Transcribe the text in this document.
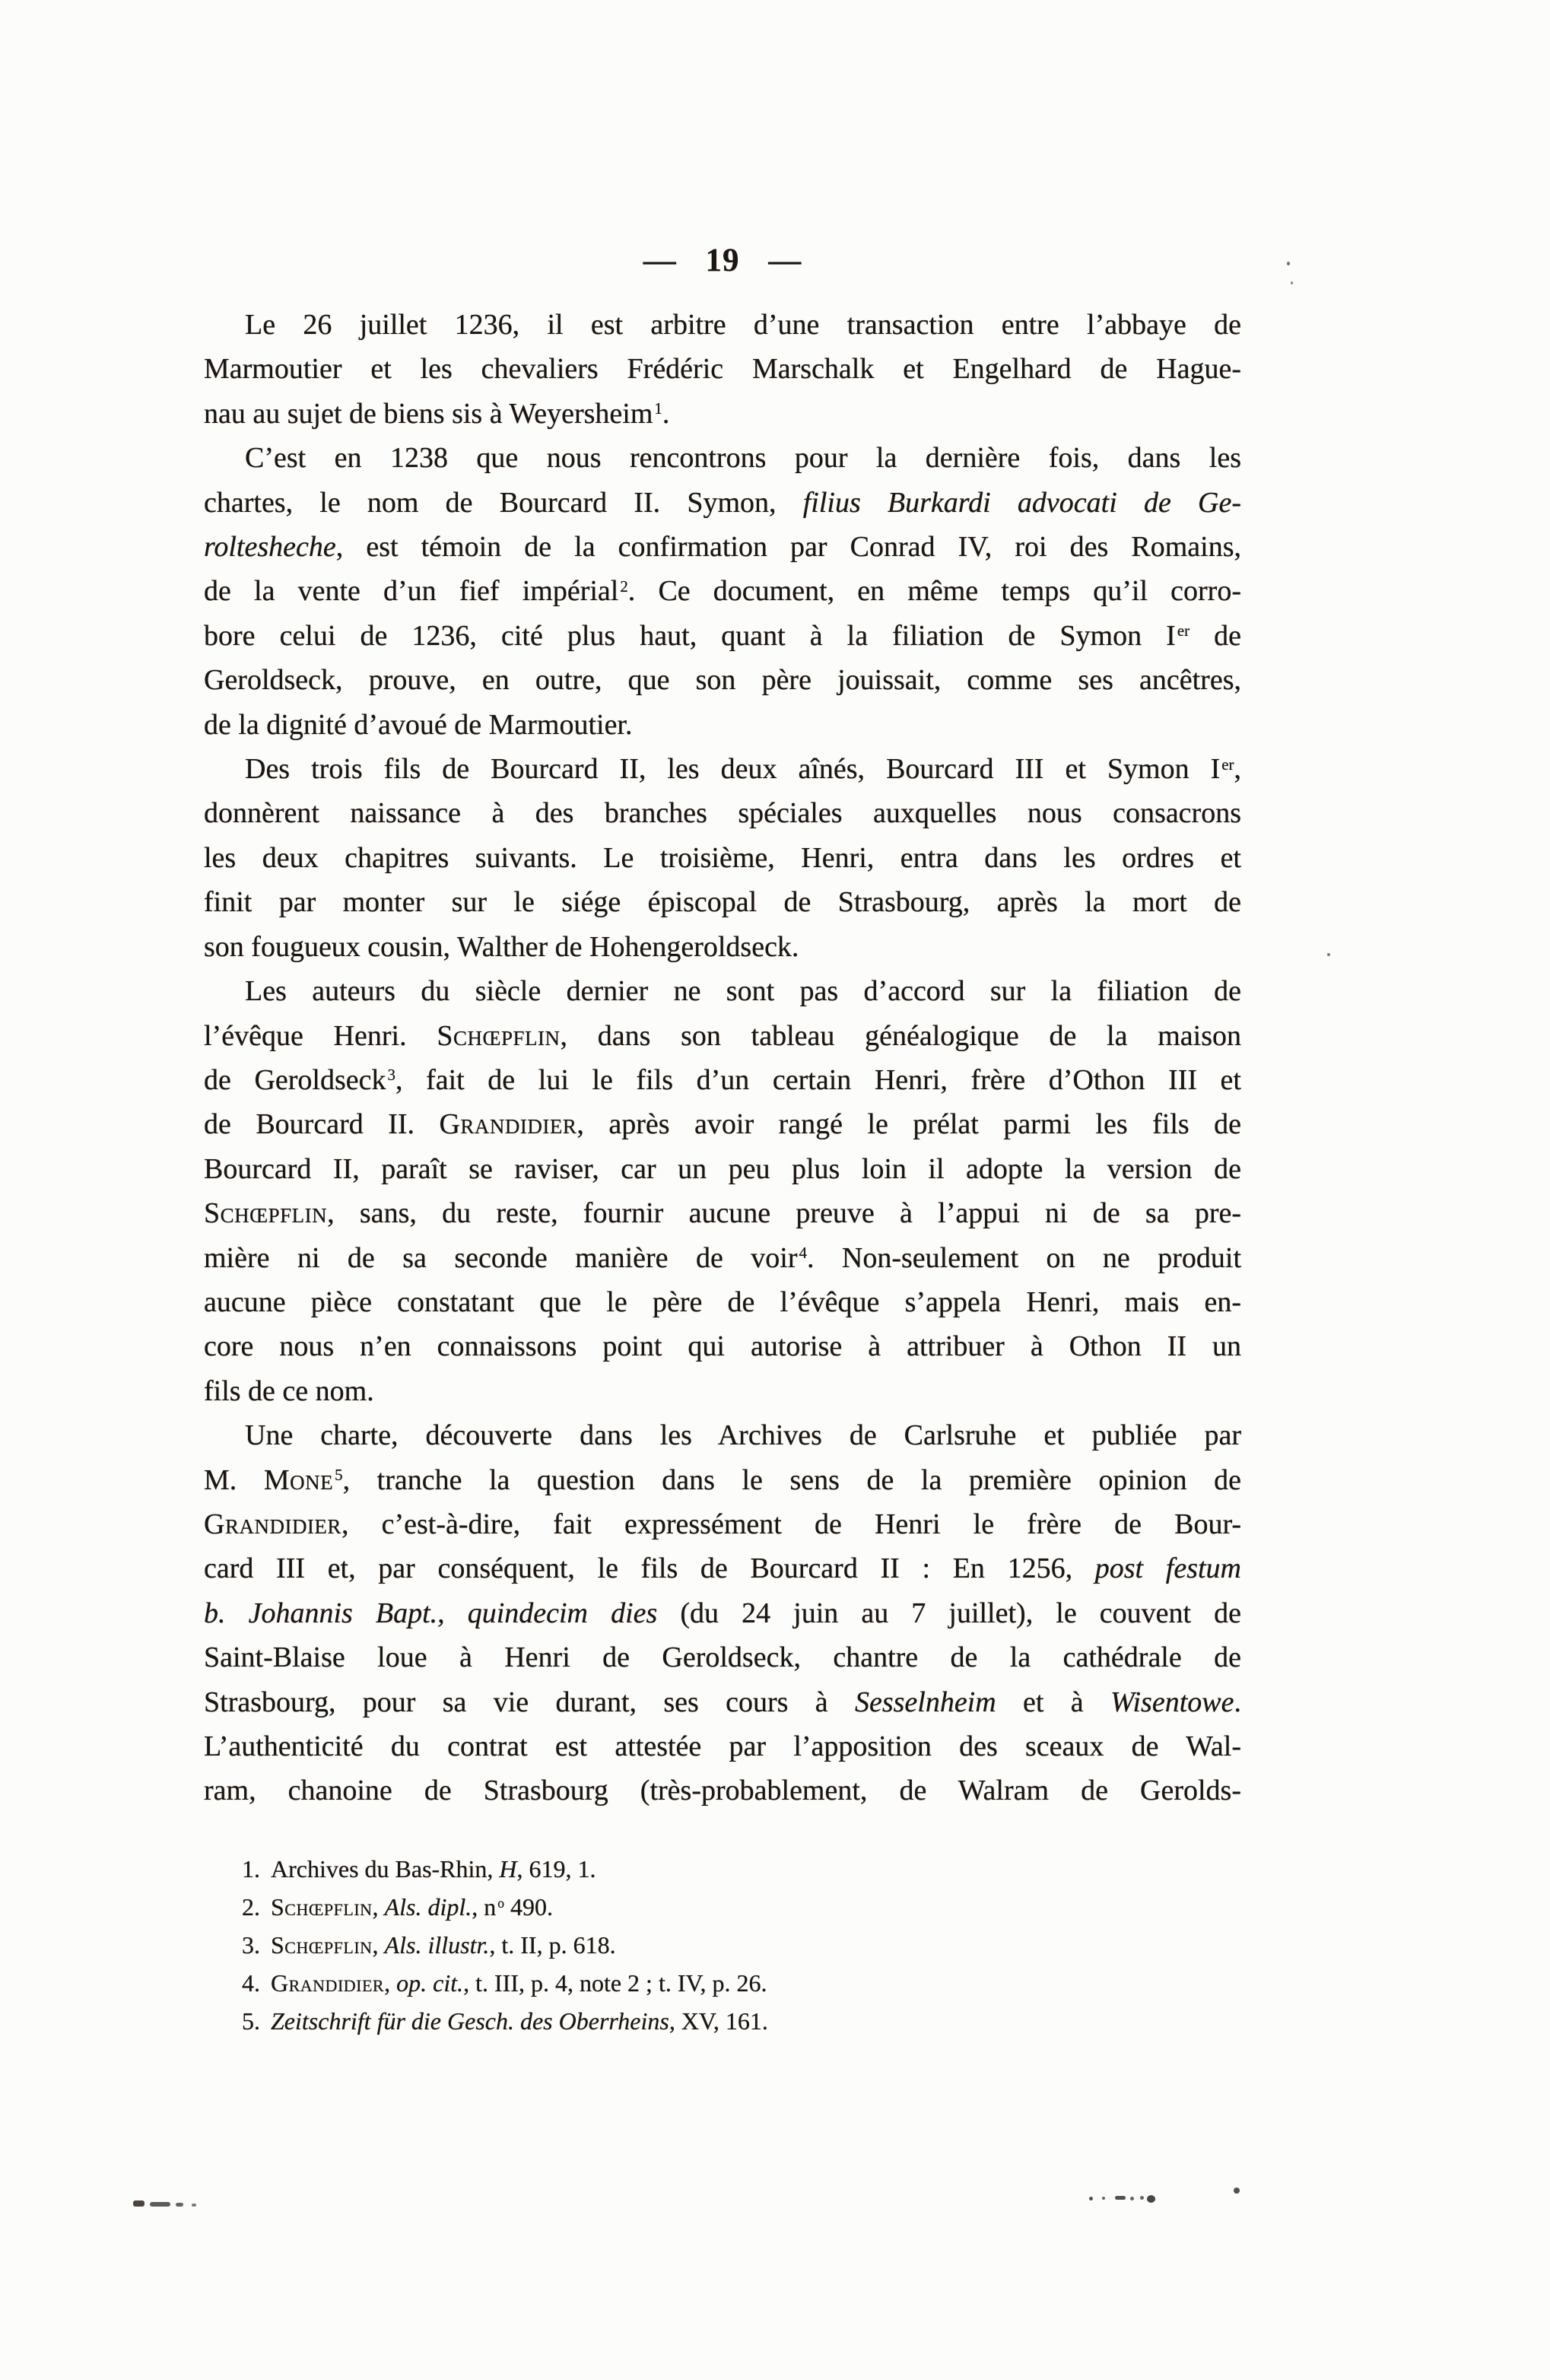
— 19 —
Le 26 juillet 1236, il est arbitre d’une transaction entre l’abbaye de
Marmoutier et les chevaliers Frédéric Marschalk et Engelhard de Hague-
nau au sujet de biens sis à Weyersheim$^1$.
C’est en 1238 que nous rencontrons pour la dernière fois, dans les
chartes, le nom de Bourcard II. Symon, filius Burkardi advocati de Ge-
roltesheche, est témoin de la confirmation par Conrad IV, roi des Romains,
de la vente d’un fief impérial$^2$. Ce document, en même temps qu’il corro-
bore celui de 1236, cité plus haut, quant à la filiation de Symon Ier de
Geroldseck, prouve, en outre, que son père jouissait, comme ses ancêtres,
de la dignité d’avoué de Marmoutier.
Des trois fils de Bourcard II, les deux aînés, Bourcard III et Symon Ier,
donnèrent naissance à des branches spéciales auxquelles nous consacrons
les deux chapitres suivants. Le troisième, Henri, entra dans les ordres et
finit par monter sur le siége épiscopal de Strasbourg, après la mort de
son fougueux cousin, Walther de Hohengeroldseck.
Les auteurs du siècle dernier ne sont pas d’accord sur la filiation de
l’évêque Henri. Schœpflin, dans son tableau généalogique de la maison
de Geroldseck$^3$, fait de lui le fils d’un certain Henri, frère d’Othon III et
de Bourcard II. Grandidier, après avoir rangé le prélat parmi les fils de
Bourcard II, paraît se raviser, car un peu plus loin il adopte la version de
Schœpflin, sans, du reste, fournir aucune preuve à l’appui ni de sa pre-
mière ni de sa seconde manière de voir$^4$. Non-seulement on ne produit
aucune pièce constatant que le père de l’évêque s’appela Henri, mais en-
core nous n’en connaissons point qui autorise à attribuer à Othon II un
fils de ce nom.
Une charte, découverte dans les Archives de Carlsruhe et publiée par
M. Mone$^5$, tranche la question dans le sens de la première opinion de
Grandidier, c’est-à-dire, fait expressément de Henri le frère de Bour-
card III et, par conséquent, le fils de Bourcard II : En 1256, post festum
b. Johannis Bapt., quindecim dies (du 24 juin au 7 juillet), le couvent de
Saint-Blaise loue à Henri de Geroldseck, chantre de la cathédrale de
Strasbourg, pour sa vie durant, ses cours à Sesselnheim et à Wisentowe.
L’authenticité du contrat est attestée par l’apposition des sceaux de Wal-
ram, chanoine de Strasbourg (très-probablement, de Walram de Gerolds-
1. Archives du Bas-Rhin, H, 619, 1.
2. Schœpflin, Als. dipl., n $^o$ 490.
3. Schœpflin, Als. illustr., t. II, p. 618.
4. Grandidier, op. cit., t. III, p. 4, note 2 ; t. IV, p. 26.
5. Zeitschrift für die Gesch. des Oberrheins, XV, 161.
